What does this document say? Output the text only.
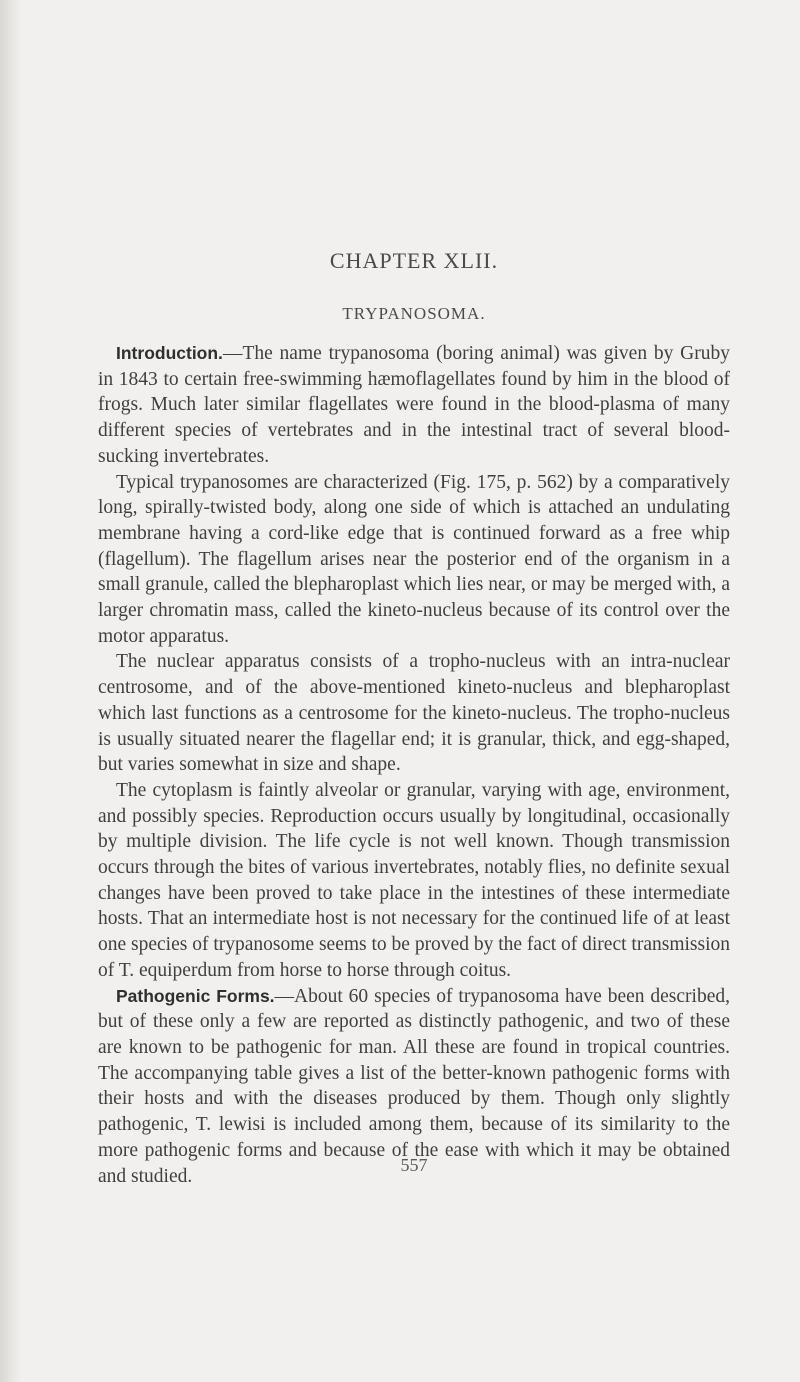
CHAPTER XLII.
TRYPANOSOMA.

Introduction.—The name trypanosoma (boring animal) was given by Gruby in 1843 to certain free-swimming hæmoflagellates found by him in the blood of frogs. Much later similar flagellates were found in the blood-plasma of many different species of vertebrates and in the intestinal tract of several blood-sucking invertebrates.

Typical trypanosomes are characterized (Fig. 175, p. 562) by a comparatively long, spirally-twisted body, along one side of which is attached an undulating membrane having a cord-like edge that is continued forward as a free whip (flagellum). The flagellum arises near the posterior end of the organism in a small granule, called the blepharoplast which lies near, or may be merged with, a larger chromatin mass, called the kineto-nucleus because of its control over the motor apparatus.

The nuclear apparatus consists of a tropho-nucleus with an intra-nuclear centrosome, and of the above-mentioned kineto-nucleus and blepharoplast which last functions as a centrosome for the kineto-nucleus. The tropho-nucleus is usually situated nearer the flagellar end; it is granular, thick, and egg-shaped, but varies somewhat in size and shape.

The cytoplasm is faintly alveolar or granular, varying with age, environment, and possibly species. Reproduction occurs usually by longitudinal, occasionally by multiple division. The life cycle is not well known. Though transmission occurs through the bites of various invertebrates, notably flies, no definite sexual changes have been proved to take place in the intestines of these intermediate hosts. That an intermediate host is not necessary for the continued life of at least one species of trypanosome seems to be proved by the fact of direct transmission of T. equiperdum from horse to horse through coitus.

Pathogenic Forms.—About 60 species of trypanosoma have been described, but of these only a few are reported as distinctly pathogenic, and two of these are known to be pathogenic for man. All these are found in tropical countries. The accompanying table gives a list of the better-known pathogenic forms with their hosts and with the diseases produced by them. Though only slightly pathogenic, T. lewisi is included among them, because of its similarity to the more pathogenic forms and because of the ease with which it may be obtained and studied.

557
